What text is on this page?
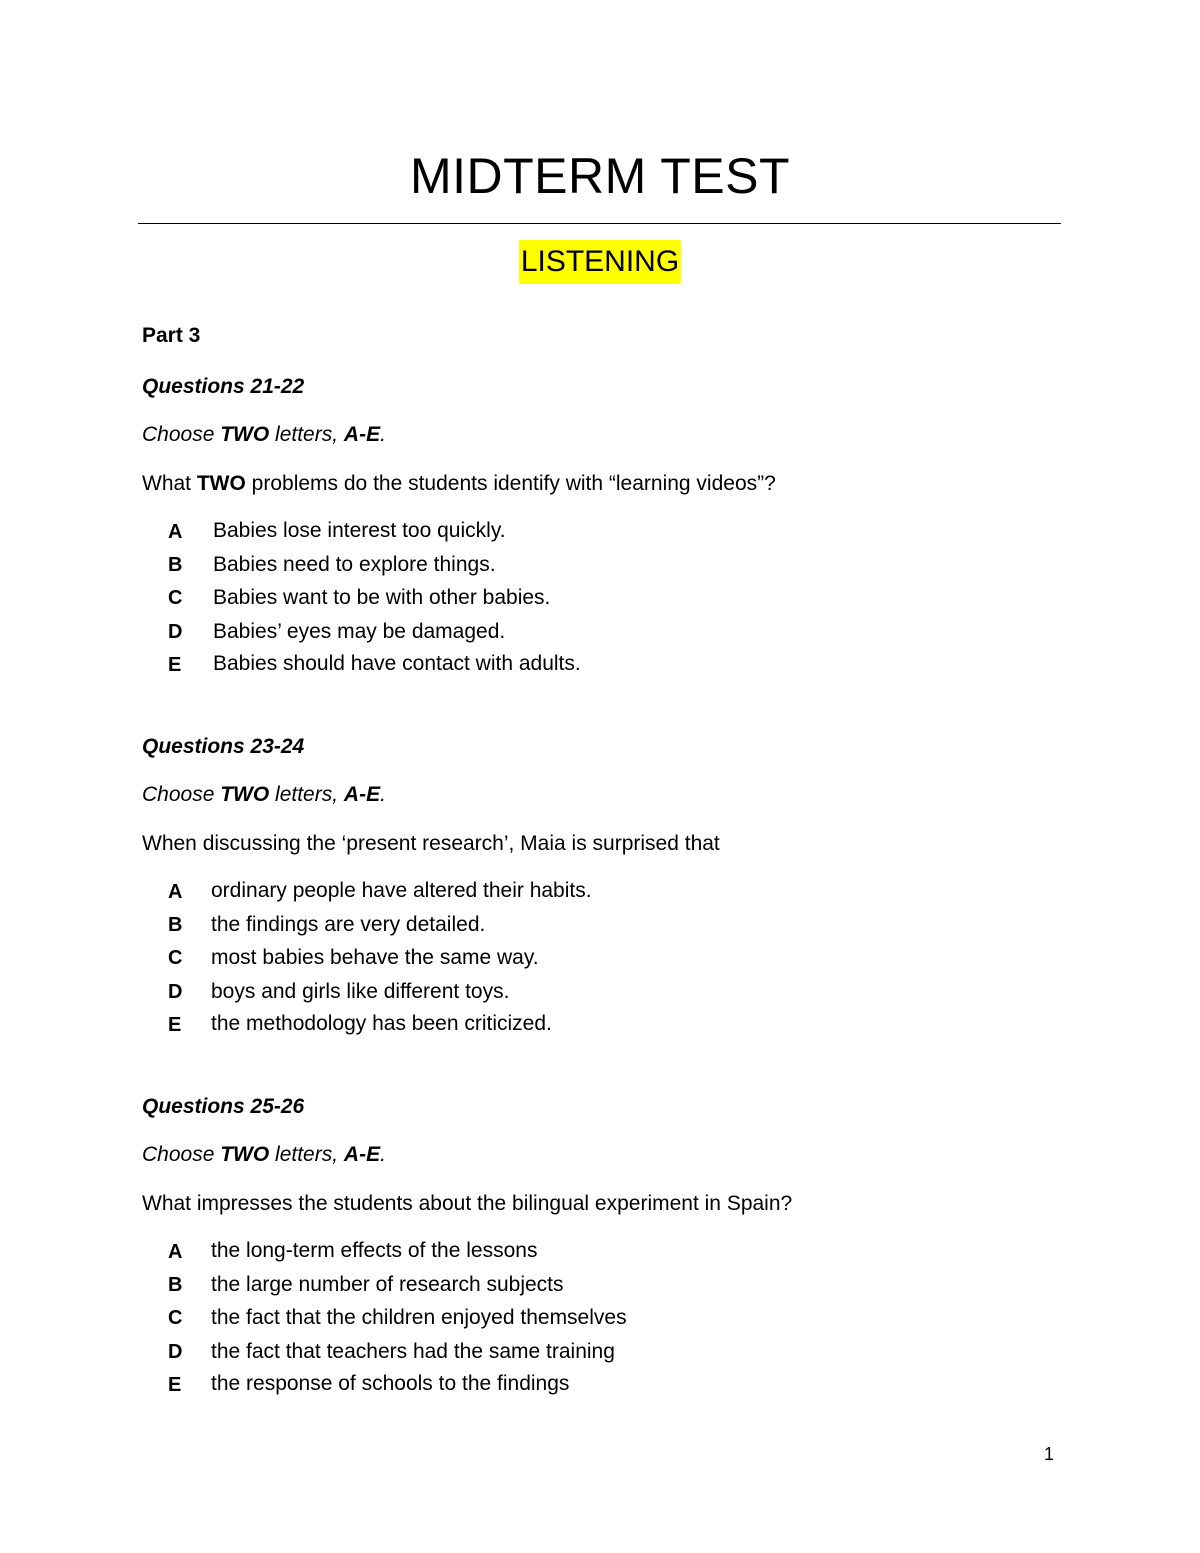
MIDTERM TEST
LISTENING
Part 3
Questions 21-22
Choose TWO letters, A-E.
What TWO problems do the students identify with “learning videos”?
A Babies lose interest too quickly.
B Babies need to explore things.
C Babies want to be with other babies.
D Babies’ eyes may be damaged.
E Babies should have contact with adults.
Questions 23-24
Choose TWO letters, A-E.
When discussing the ‘present research’, Maia is surprised that
A ordinary people have altered their habits.
B the findings are very detailed.
C most babies behave the same way.
D boys and girls like different toys.
E the methodology has been criticized.
Questions 25-26
Choose TWO letters, A-E.
What impresses the students about the bilingual experiment in Spain?
A the long-term effects of the lessons
B the large number of research subjects
C the fact that the children enjoyed themselves
D the fact that teachers had the same training
E the response of schools to the findings
1
